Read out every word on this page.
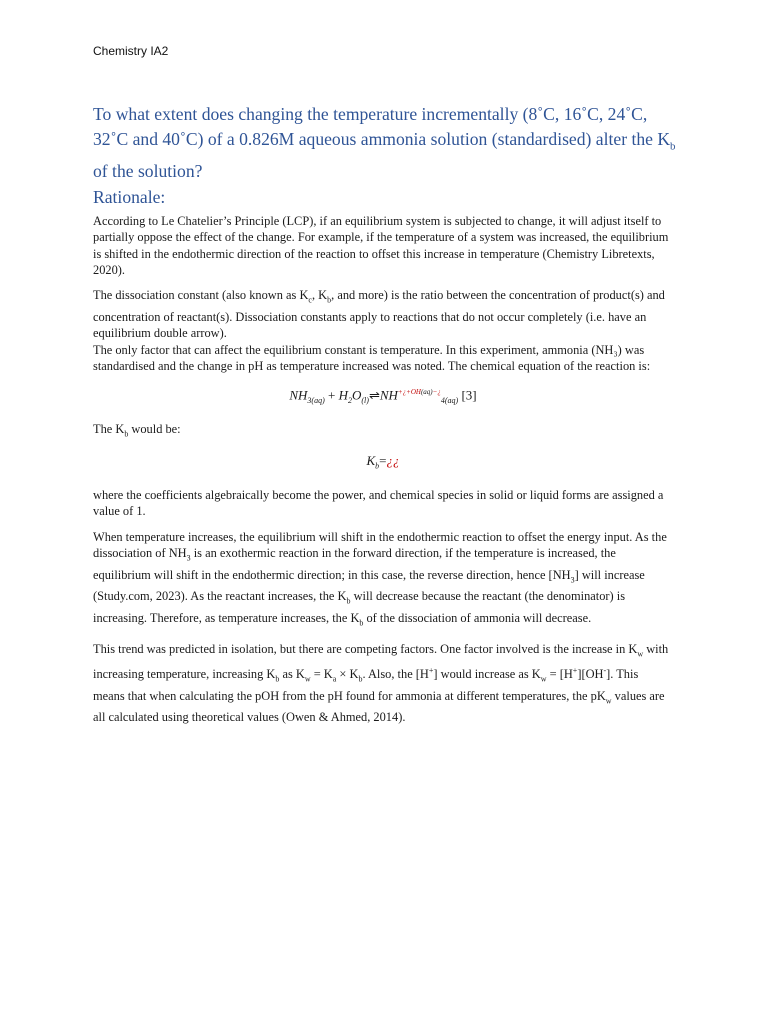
Chemistry IA2
To what extent does changing the temperature incrementally (8˚C, 16˚C, 24˚C, 32˚C and 40˚C) of a 0.826M aqueous ammonia solution (standardised) alter the $K_b$ of the solution?
Rationale:

According to Le Chatelier’s Principle (LCP), if an equilibrium system is subjected to change, it will adjust itself to partially oppose the effect of the change. For example, if the temperature of a system was increased, the equilibrium is shifted in the endothermic direction of the reaction to offset this increase in temperature (Chemistry Libretexts, 2020).

The dissociation constant (also known as $K_c$, $K_b$, and more) is the ratio between the concentration of product(s) and concentration of reactant(s). Dissociation constants apply to reactions that do not occur completely (i.e. have an equilibrium double arrow).
The only factor that can affect the equilibrium constant is temperature. In this experiment, ammonia (NH₃) was standardised and the change in pH as temperature increased was noted. The chemical equation of the reaction is:

$NH_{3(aq)}$ + $H_2O_{(l)}\rightleftharpoons NH^{+¿+OH(aq)-¿}_{4(aq)}$ [3]

The $K_b$ would be:

$K_b=¿¿$

where the coefficients algebraically become the power, and chemical species in solid or liquid forms are assigned a value of 1.

When temperature increases, the equilibrium will shift in the endothermic reaction to offset the energy input. As the dissociation of $NH_3$ is an exothermic reaction in the forward direction, if the temperature is increased, the equilibrium will shift in the endothermic direction; in this case, the reverse direction, hence $[NH_3]$ will increase (Study.com, 2023). As the reactant increases, the $K_b$ will decrease because the reactant (the denominator) is increasing. Therefore, as temperature increases, the $K_b$ of the dissociation of ammonia will decrease.

This trend was predicted in isolation, but there are competing factors. One factor involved is the increase in $K_w$ with increasing temperature, increasing $K_b$ as $K_w = K_a \times K_b$. Also, the [H+] would increase as $K_w = [H^+][OH^-]$. This means that when calculating the pOH from the pH found for ammonia at different temperatures, the $pK_w$ values are all calculated using theoretical values (Owen & Ahmed, 2014).
